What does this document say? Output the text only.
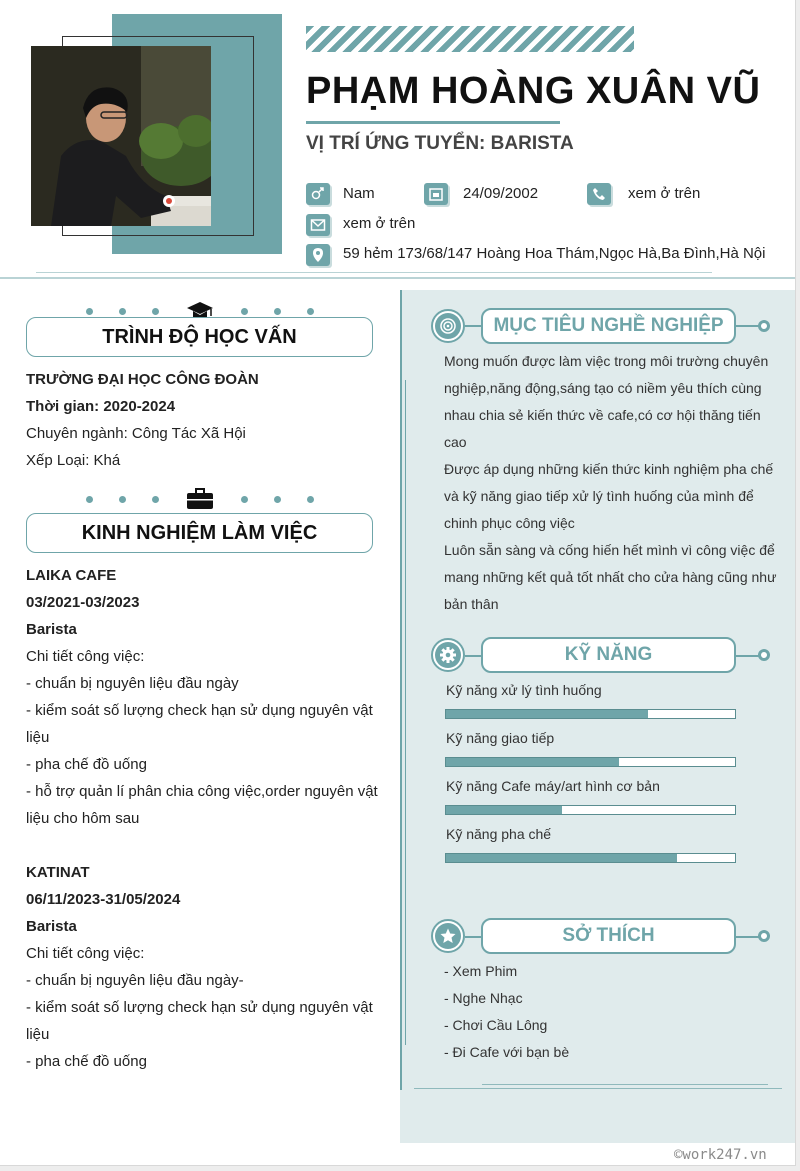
PHẠM HOÀNG XUÂN VŨ
VỊ TRÍ ỨNG TUYỂN: BARISTA
Nam	24/09/2002	xem ở trên
xem ở trên
59 hẻm 173/68/147 Hoàng Hoa Thám,Ngọc Hà,Ba Đình,Hà Nội
TRÌNH ĐỘ HỌC VẤN
TRƯỜNG ĐẠI HỌC CÔNG ĐOÀN
Thời gian: 2020-2024
Chuyên ngành: Công Tác Xã Hội
Xếp Loại: Khá
KINH NGHIỆM LÀM VIỆC
LAIKA CAFE
03/2021-03/2023
Barista
Chi tiết công việc:
- chuẩn bị nguyên liệu đầu ngày
- kiểm soát số lượng check hạn sử dụng nguyên vật
liệu
- pha chế đồ uống
- hỗ trợ quản lí phân chia công việc,order nguyên vật
liệu cho hôm sau
KATINAT
06/11/2023-31/05/2024
Barista
Chi tiết công việc:
- chuẩn bị nguyên liệu đầu ngày-
- kiểm soát số lượng check hạn sử dụng nguyên vật
liệu
- pha chế đồ uống
MỤC TIÊU NGHỀ NGHIỆP
Mong muốn được làm việc trong môi trường chuyên
nghiệp,năng động,sáng tạo có niềm yêu thích cùng
nhau chia sẻ kiến thức về cafe,có cơ hội thăng tiến
cao
Được áp dụng những kiến thức kinh nghiệm pha chế
và kỹ năng giao tiếp xử lý tình huống của mình để
chinh phục công việc
Luôn sẵn sàng và cống hiến hết mình vì công việc để
mang những kết quả tốt nhất cho cửa hàng cũng như
bản thân
KỸ NĂNG
Kỹ năng xử lý tình huống
Kỹ năng giao tiếp
Kỹ năng Cafe máy/art hình cơ bản
Kỹ năng pha chế
SỞ THÍCH
- Xem Phim
- Nghe Nhạc
- Chơi Cầu Lông
- Đi Cafe với bạn bè
©work247.vn
